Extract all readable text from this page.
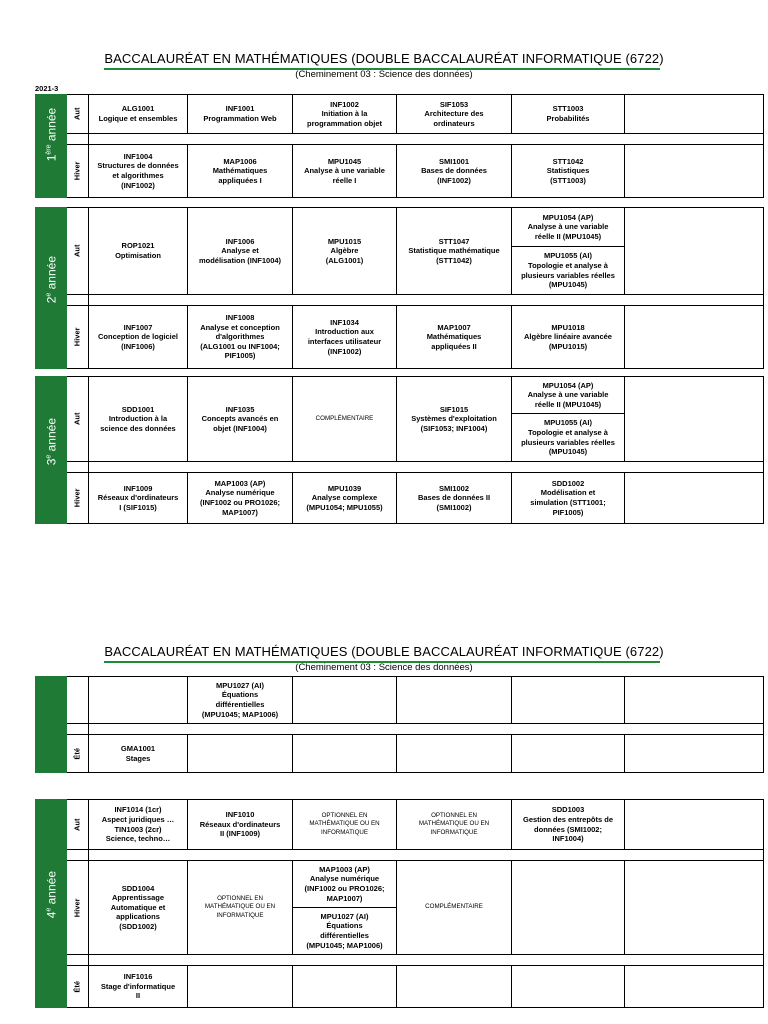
BACCALAURÉAT EN MATHÉMATIQUES (DOUBLE BACCALAURÉAT INFORMATIQUE (6722)
(Cheminement 03 : Science des données)
2021-3
1ère année	Aut	ALG1001
Logique et ensembles	INF1001
Programmation Web	INF1002
Initiation à la
programmation objet	SIF1053
Architecture des
ordinateurs	STT1003
Probabilités	

	Hiver	INF1004
Structures de données
et algorithmes
(INF1002)	MAP1006
Mathématiques
appliquées I	MPU1045
Analyse à une variable
réelle I	SMI1001
Bases de données
(INF1002)	STT1042
Statistiques
(STT1003)	
2e année	Aut	ROP1021
Optimisation	INF1006
Analyse et
modélisation (INF1004)	MPU1015
Algèbre
(ALG1001)	STT1047
Statistique mathématique
(STT1042)	MPU1054 (AP)
Analyse à une variable
réelle II (MPU1045)	
						MPU1055 (AI)
Topologie et analyse à
plusieurs variables réelles
(MPU1045)	

	Hiver	INF1007
Conception de logiciel
(INF1006)	INF1008
Analyse et conception
d'algorithmes
(ALG1001 ou INF1004;
PIF1005)	INF1034
Introduction aux
interfaces utilisateur
(INF1002)	MAP1007
Mathématiques
appliquées II	MPU1018
Algèbre linéaire avancée
(MPU1015)	
3e année	Aut	SDD1001
Introduction à la
science des données	INF1035
Concepts avancés en
objet (INF1004)	COMPLÉMENTAIRE	SIF1015
Systèmes d'exploitation
(SIF1053; INF1004)	MPU1054 (AP)
Analyse à une variable
réelle II (MPU1045)	
						MPU1055 (AI)
Topologie et analyse à
plusieurs variables réelles
(MPU1045)	

	Hiver	INF1009
Réseaux d'ordinateurs
I (SIF1015)	MAP1003 (AP)
Analyse numérique
(INF1002 ou PRO1026;
MAP1007)	MPU1039
Analyse complexe
(MPU1054; MPU1055)	SMI1002
Bases de données II
(SMI1002)	SDD1002
Modélisation et
simulation (STT1001;
PIF1005)	
BACCALAURÉAT EN MATHÉMATIQUES (DOUBLE BACCALAURÉAT INFORMATIQUE (6722)
(Cheminement 03 : Science des données)
			MPU1027 (AI)
Équations
différentielles
(MPU1045; MAP1006)				

	Été	GMA1001
Stages					
4e année	Aut	INF1014 (1cr)
Aspect juridiques …
TIN1003 (2cr)
Science, techno…	INF1010
Réseaux d'ordinateurs
II (INF1009)	OPTIONNEL EN
MATHÉMATIQUE OU EN
INFORMATIQUE	OPTIONNEL EN
MATHÉMATIQUE OU EN
INFORMATIQUE	SDD1003
Gestion des entrepôts de
données (SMI1002;
INF1004)	

	Hiver	SDD1004
Apprentissage
Automatique et
applications
(SDD1002)	OPTIONNEL EN
MATHÉMATIQUE OU EN
INFORMATIQUE	MAP1003 (AP)
Analyse numérique
(INF1002 ou PRO1026;
MAP1007)	COMPLÉMENTAIRE		
				MPU1027 (AI)
Équations
différentielles
(MPU1045; MAP1006)			

	Été	INF1016
Stage d'informatique
II					
